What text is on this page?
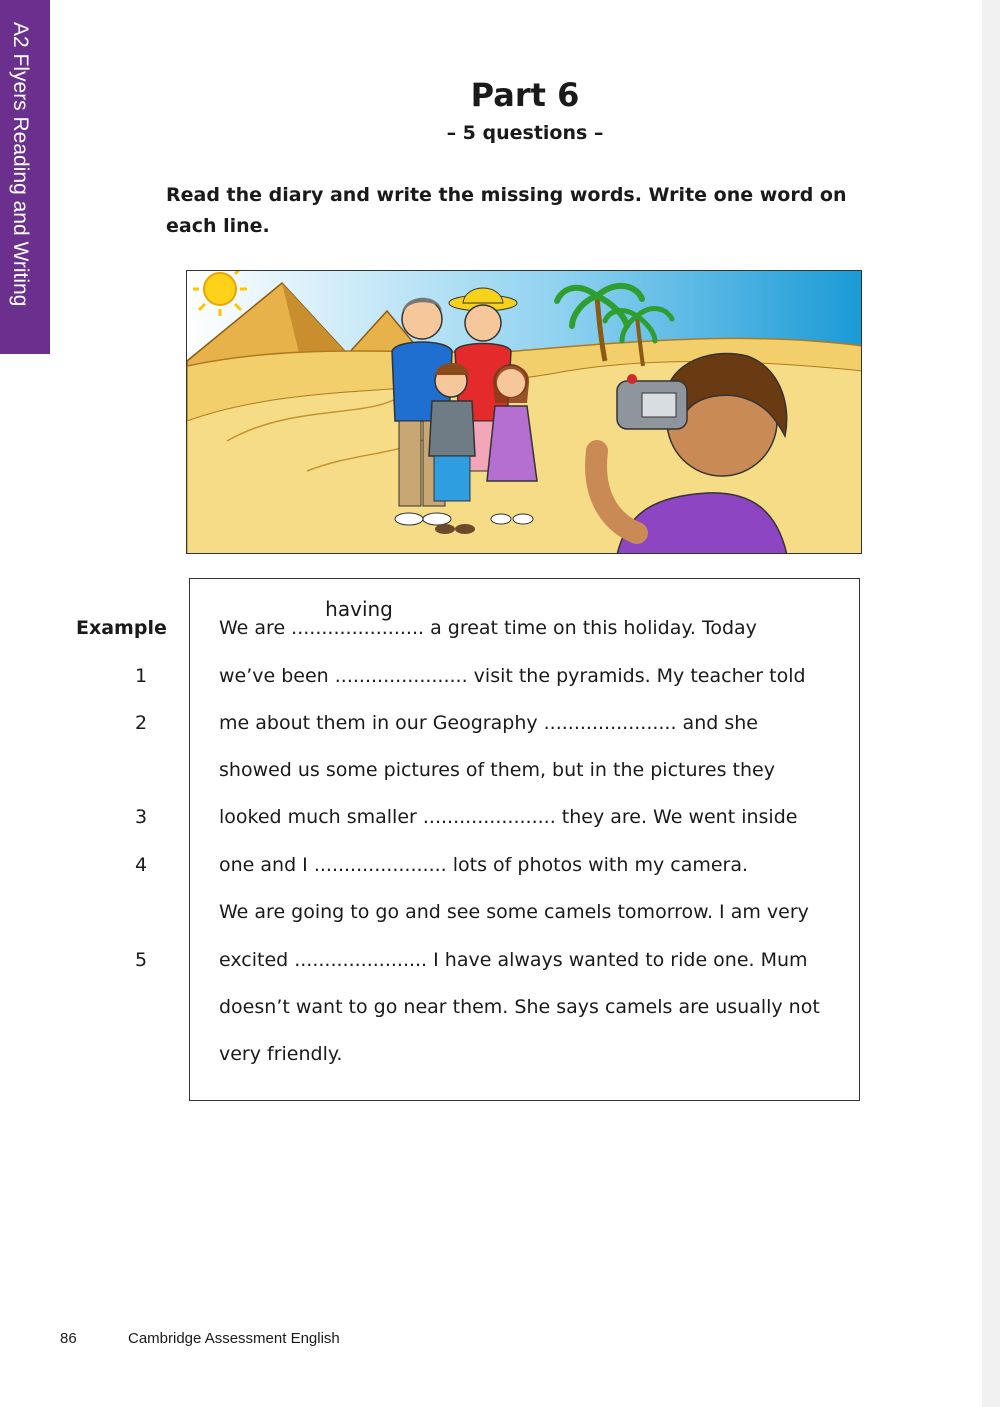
A2 Flyers Reading and Writing	Part 6
– 5 questions –
Read the diary and write the missing words. Write one word on each line.
Example	We are ......................
having
a great time on this holiday. Today
1	we’ve been ...................... visit the pyramids. My teacher told
2	me about them in our Geography ...................... and she
showed us some pictures of them, but in the pictures they
3	looked much smaller ...................... they are. We went inside
4	one and I ...................... lots of photos with my camera.
We are going to go and see some camels tomorrow. I am very
5	excited ...................... I have always wanted to ride one. Mum
doesn’t want to go near them. She says camels are usually not
very friendly.
86	Cambridge Assessment English
